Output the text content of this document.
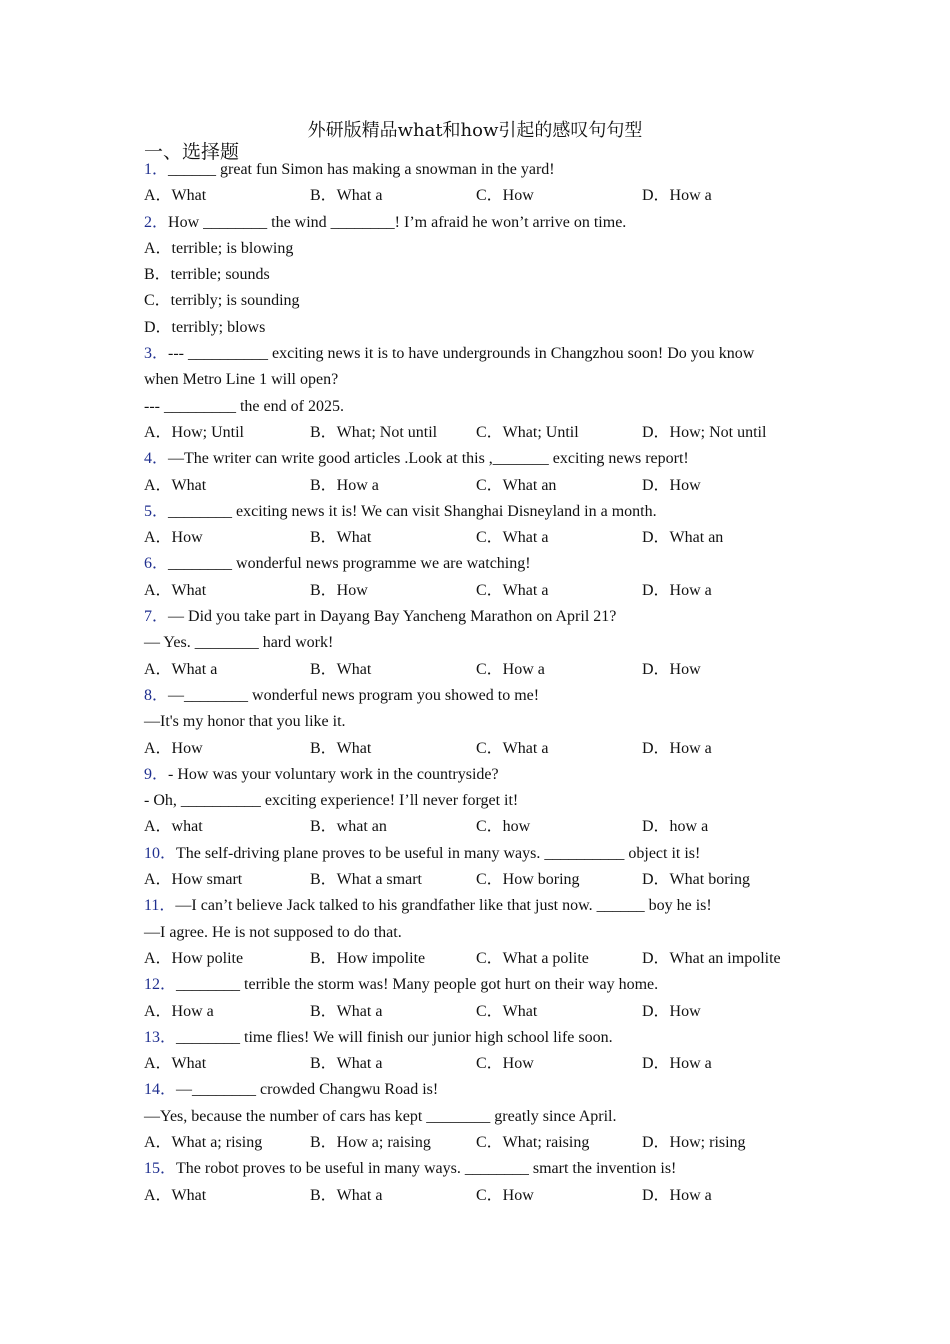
外研版精品what和how引起的感叹句句型
一、选择题
1．______ great fun Simon has making a snowman in the yard!
A．What	B．What a	C．How	D．How a
2．How ________ the wind ________! I’m afraid he won’t arrive on time.
A．terrible; is blowing
B．terrible; sounds
C．terribly; is sounding
D．terribly; blows
3．--- __________ exciting news it is to have undergrounds in Changzhou soon! Do you know
when Metro Line 1 will open?
--- _________ the end of 2025.
A．How; Until	B．What; Not until	C．What; Until	D．How; Not until
4．—The writer can write good articles .Look at this ,_______ exciting news report!
A．What	B．How a	C．What an	D．How
5．________ exciting news it is! We can visit Shanghai Disneyland in a month.
A．How	B．What	C．What a	D．What an
6．________ wonderful news programme we are watching!
A．What	B．How	C．What a	D．How a
7．— Did you take part in Dayang Bay Yancheng Marathon on April 21?
— Yes. ________ hard work!
A．What a	B．What	C．How a	D．How
8．—________ wonderful news program you showed to me!
—It's my honor that you like it.
A．How	B．What	C．What a	D．How a
9．- How was your voluntary work in the countryside?
- Oh, __________ exciting experience! I’ll never forget it!
A．what	B．what an	C．how	D．how a
10．The self-driving plane proves to be useful in many ways. __________ object it is!
A．How smart	B．What a smart	C．How boring	D．What boring
11．—I can’t believe Jack talked to his grandfather like that just now. ______ boy he is!
—I agree. He is not supposed to do that.
A．How polite	B．How impolite	C．What a polite	D．What an impolite
12．________ terrible the storm was! Many people got hurt on their way home.
A．How a	B．What a	C．What	D．How
13．________ time flies! We will finish our junior high school life soon.
A．What	B．What a	C．How	D．How a
14．—________ crowded Changwu Road is!
—Yes, because the number of cars has kept ________ greatly since April.
A．What a; rising	B．How a; raising	C．What; raising	D．How; rising
15．The robot proves to be useful in many ways. ________ smart the invention is!
A．What	B．What a	C．How	D．How a
